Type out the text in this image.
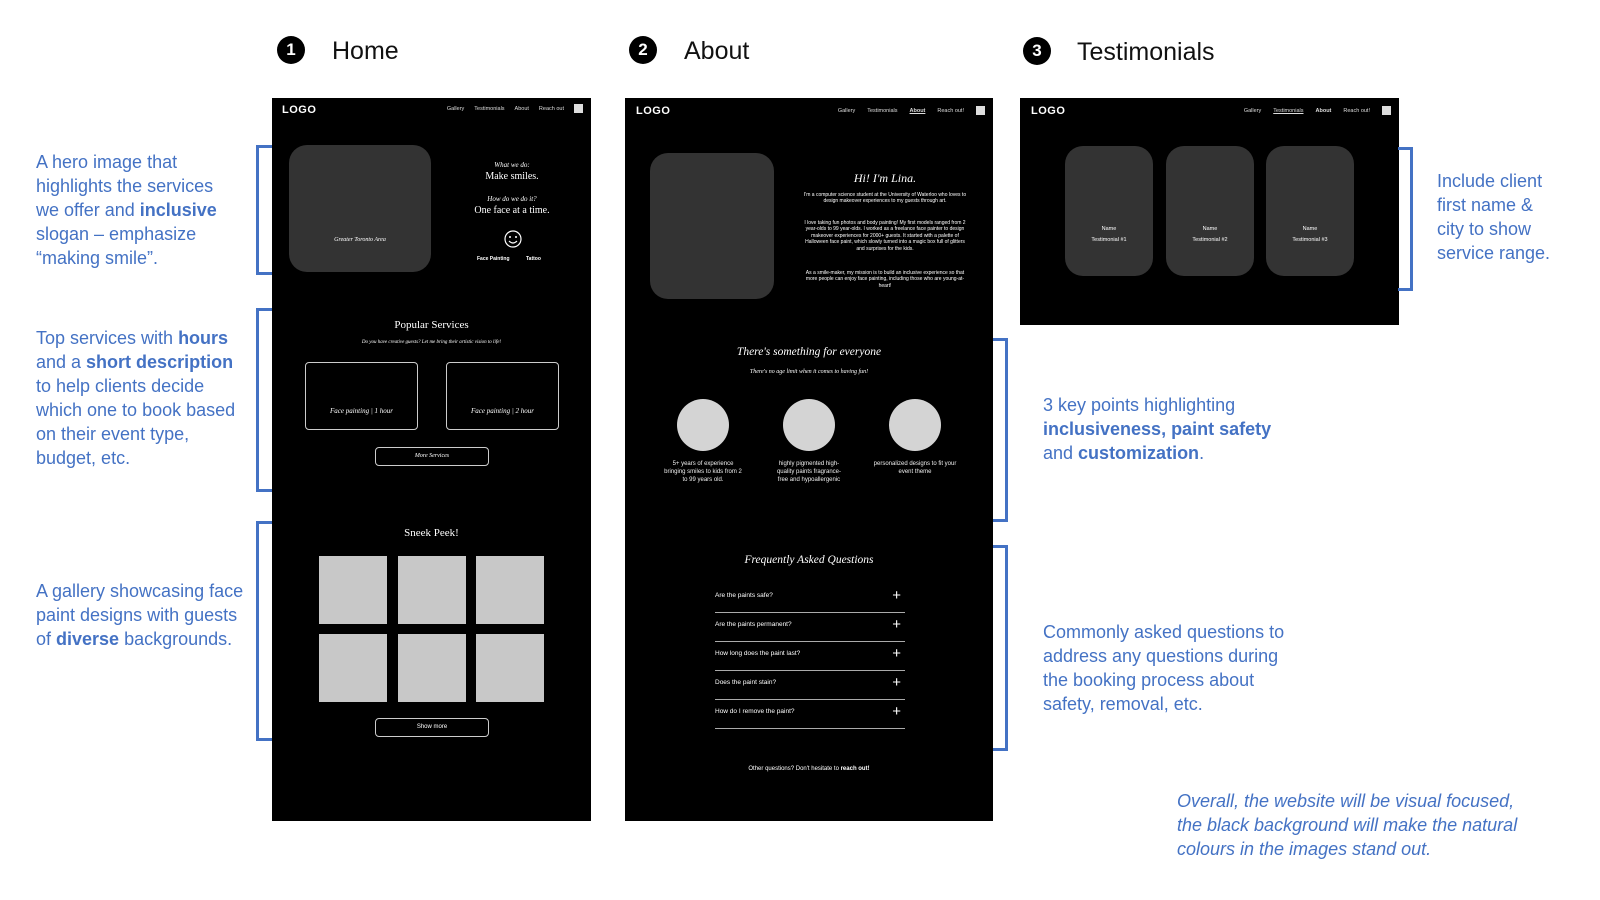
1	Home	2	About	3	Testimonials
A hero image that highlights the services we offer and inclusive slogan – emphasize “making smile”.
Top services with hours and a short description to help clients decide which one to book based on their event type, budget, etc.
A gallery showcasing face paint designs with guests of diverse backgrounds.
LOGO	Gallery Testimonials About Reach out
Greater Toronto Area
What we do:
Make smiles.
How do we do it?
One face at a time.
Face Painting	Tattoo
Popular Services
Do you have creative guests? Let me bring their artistic vision to life!
Face painting | 1 hour	Face painting | 2 hour
More Services
Sneek Peek!
Show more
LOGO	Gallery Testimonials About Reach out!
Hi! I'm Lina.
I'm a computer science student at the University of Waterloo who loves to design makeover experiences to my guests through art.
I love taking fun photos and body painting! My first models ranged from 2 year-olds to 99 year-olds. I worked as a freelance face painter to design makeover experiences for 2000+ guests. It started with a palette of Halloween face paint, which slowly turned into a magic box full of glitters and surprises for the kids.
As a smile-maker, my mission is to build an inclusive experience so that more people can enjoy face painting, including those who are young-at-heart!
There's something for everyone
There's no age limit when it comes to having fun!
5+ years of experience bringing smiles to kids from 2 to 99 years old.
highly pigmented high-quality paints fragrance-free and hypoallergenic
personalized designs to fit your event theme
Frequently Asked Questions
Are the paints safe?	+
Are the paints permanent?	+
How long does the paint last?	+
Does the paint stain?	+
How do I remove the paint?	+
Other questions? Don't hesitate to reach out!
LOGO	Gallery Testimonials About Reach out!
Name
Testimonial #1
Name
Testimonial #2
Name
Testimonial #3
Include client first name & city to show service range.
3 key points highlighting inclusiveness, paint safety and customization.
Commonly asked questions to address any questions during the booking process about safety, removal, etc.
Overall, the website will be visual focused, the black background will make the natural colours in the images stand out.
